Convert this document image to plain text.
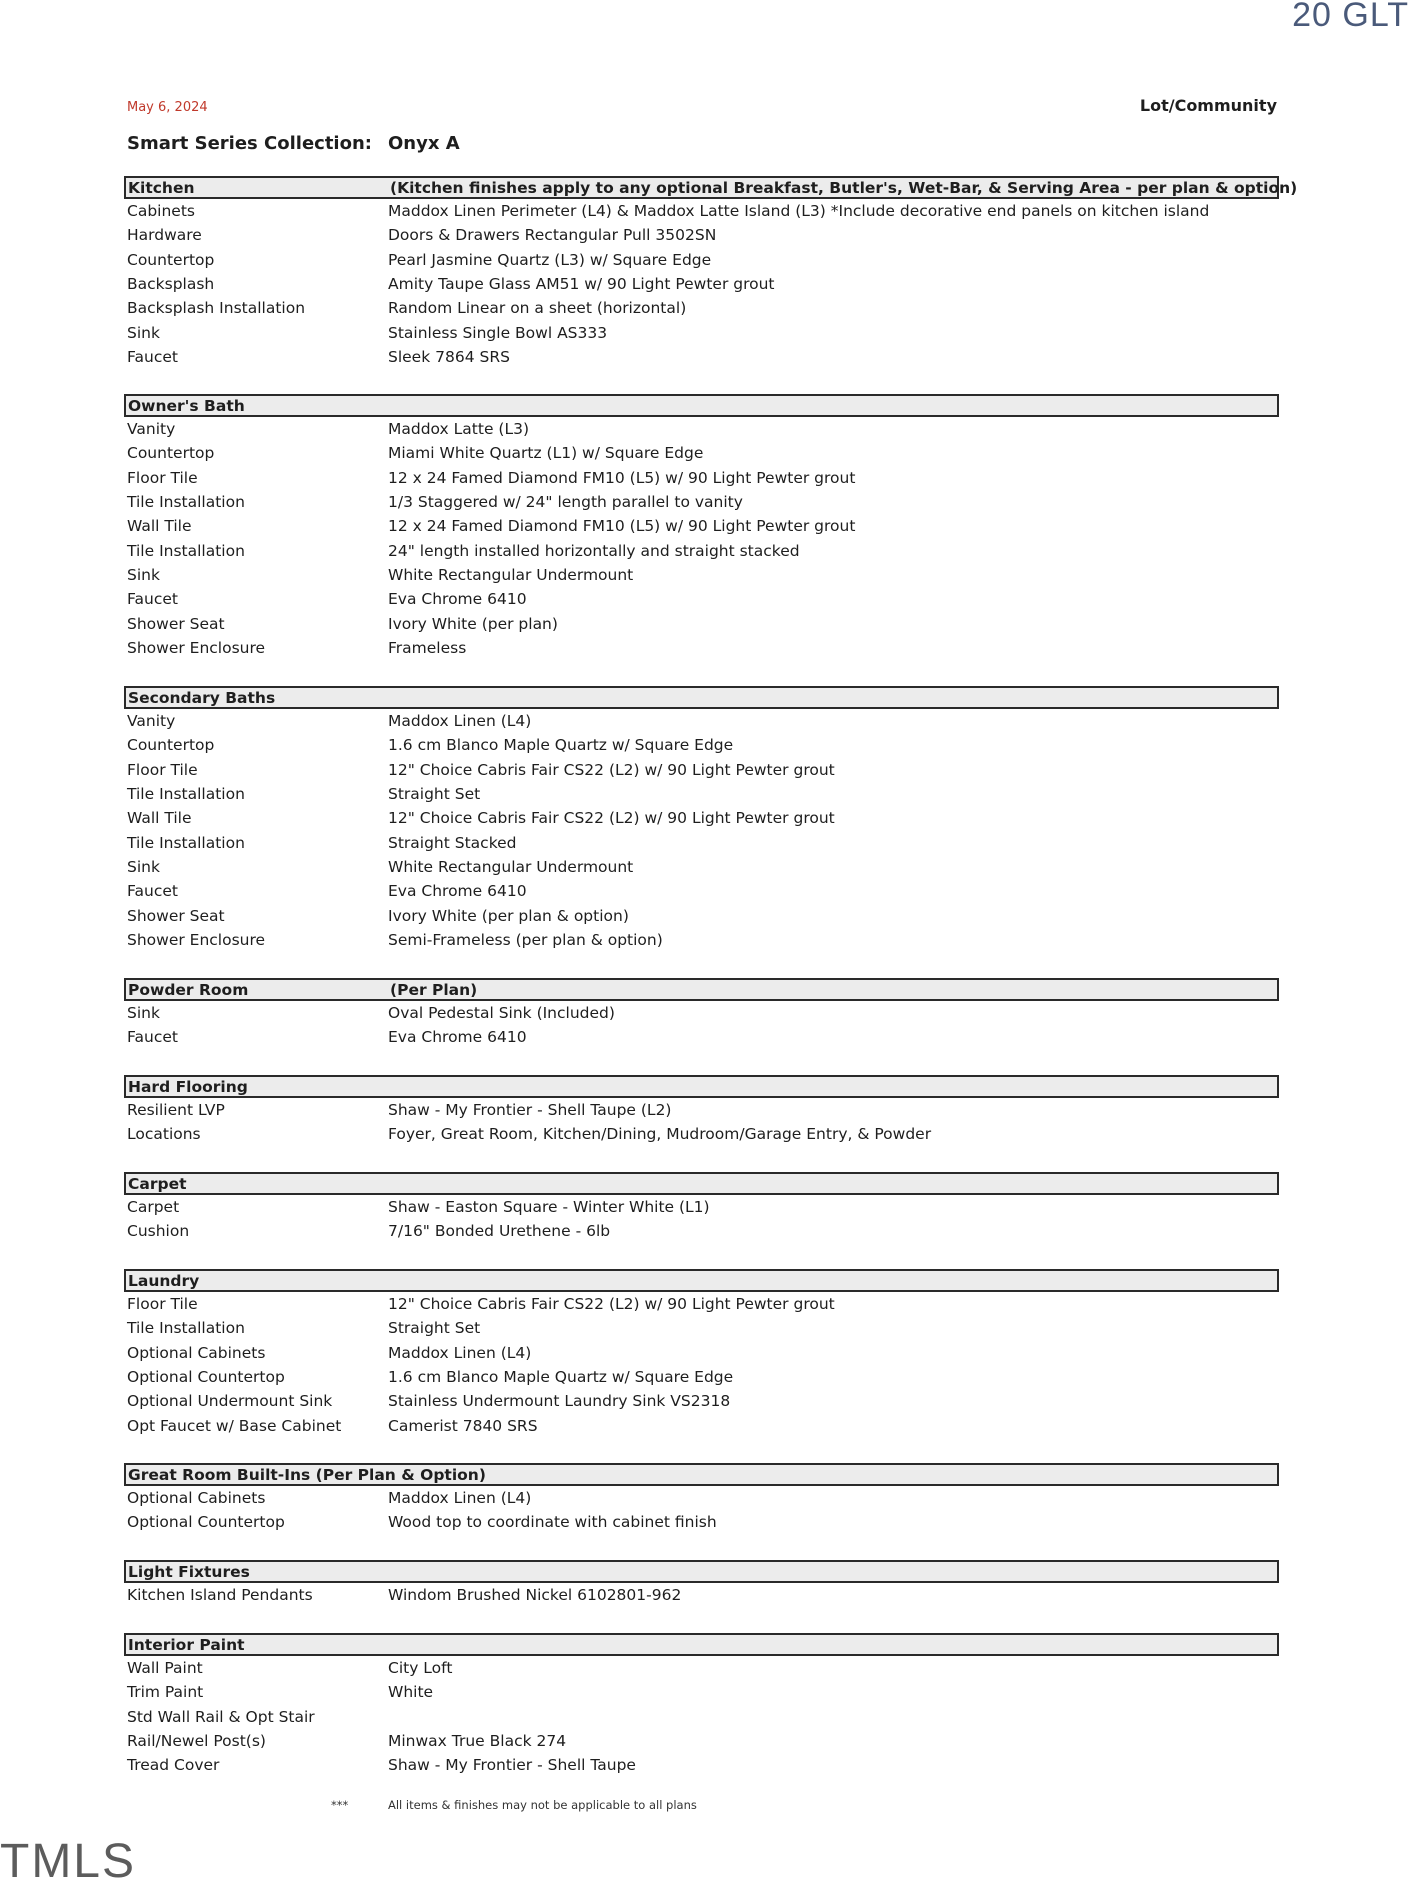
20 GLT
May 6, 2024	Lot/Community
Smart Series Collection: Onyx A
Kitchen	(Kitchen finishes apply to any optional Breakfast, Butler's, Wet-Bar, & Serving Area - per plan & option)
Cabinets	Maddox Linen Perimeter (L4) & Maddox Latte Island (L3) *Include decorative end panels on kitchen island
Hardware	Doors & Drawers Rectangular Pull 3502SN
Countertop	Pearl Jasmine Quartz (L3) w/ Square Edge
Backsplash	Amity Taupe Glass AM51 w/ 90 Light Pewter grout
Backsplash Installation	Random Linear on a sheet (horizontal)
Sink	Stainless Single Bowl AS333
Faucet	Sleek 7864 SRS
Owner's Bath
Vanity	Maddox Latte (L3)
Countertop	Miami White Quartz (L1) w/ Square Edge
Floor Tile	12 x 24 Famed Diamond FM10 (L5) w/ 90 Light Pewter grout
Tile Installation	1/3 Staggered w/ 24" length parallel to vanity
Wall Tile	12 x 24 Famed Diamond FM10 (L5) w/ 90 Light Pewter grout
Tile Installation	24" length installed horizontally and straight stacked
Sink	White Rectangular Undermount
Faucet	Eva Chrome 6410
Shower Seat	Ivory White (per plan)
Shower Enclosure	Frameless
Secondary Baths
Vanity	Maddox Linen (L4)
Countertop	1.6 cm Blanco Maple Quartz w/ Square Edge
Floor Tile	12" Choice Cabris Fair CS22 (L2) w/ 90 Light Pewter grout
Tile Installation	Straight Set
Wall Tile	12" Choice Cabris Fair CS22 (L2) w/ 90 Light Pewter grout
Tile Installation	Straight Stacked
Sink	White Rectangular Undermount
Faucet	Eva Chrome 6410
Shower Seat	Ivory White (per plan & option)
Shower Enclosure	Semi-Frameless (per plan & option)
Powder Room	(Per Plan)
Sink	Oval Pedestal Sink (Included)
Faucet	Eva Chrome 6410
Hard Flooring
Resilient LVP	Shaw - My Frontier - Shell Taupe (L2)
Locations	Foyer, Great Room, Kitchen/Dining, Mudroom/Garage Entry, & Powder
Carpet
Carpet	Shaw - Easton Square - Winter White (L1)
Cushion	7/16" Bonded Urethene - 6lb
Laundry
Floor Tile	12" Choice Cabris Fair CS22 (L2) w/ 90 Light Pewter grout
Tile Installation	Straight Set
Optional Cabinets	Maddox Linen (L4)
Optional Countertop	1.6 cm Blanco Maple Quartz w/ Square Edge
Optional Undermount Sink	Stainless Undermount Laundry Sink VS2318
Opt Faucet w/ Base Cabinet	Camerist 7840 SRS
Great Room Built-Ins (Per Plan & Option)
Optional Cabinets	Maddox Linen (L4)
Optional Countertop	Wood top to coordinate with cabinet finish
Light Fixtures
Kitchen Island Pendants	Windom Brushed Nickel 6102801-962
Interior Paint
Wall Paint	City Loft
Trim Paint	White
Std Wall Rail & Opt Stair
Rail/Newel Post(s)	Minwax True Black 274
Tread Cover	Shaw - My Frontier - Shell Taupe
***	All items & finishes may not be applicable to all plans
TMLS
